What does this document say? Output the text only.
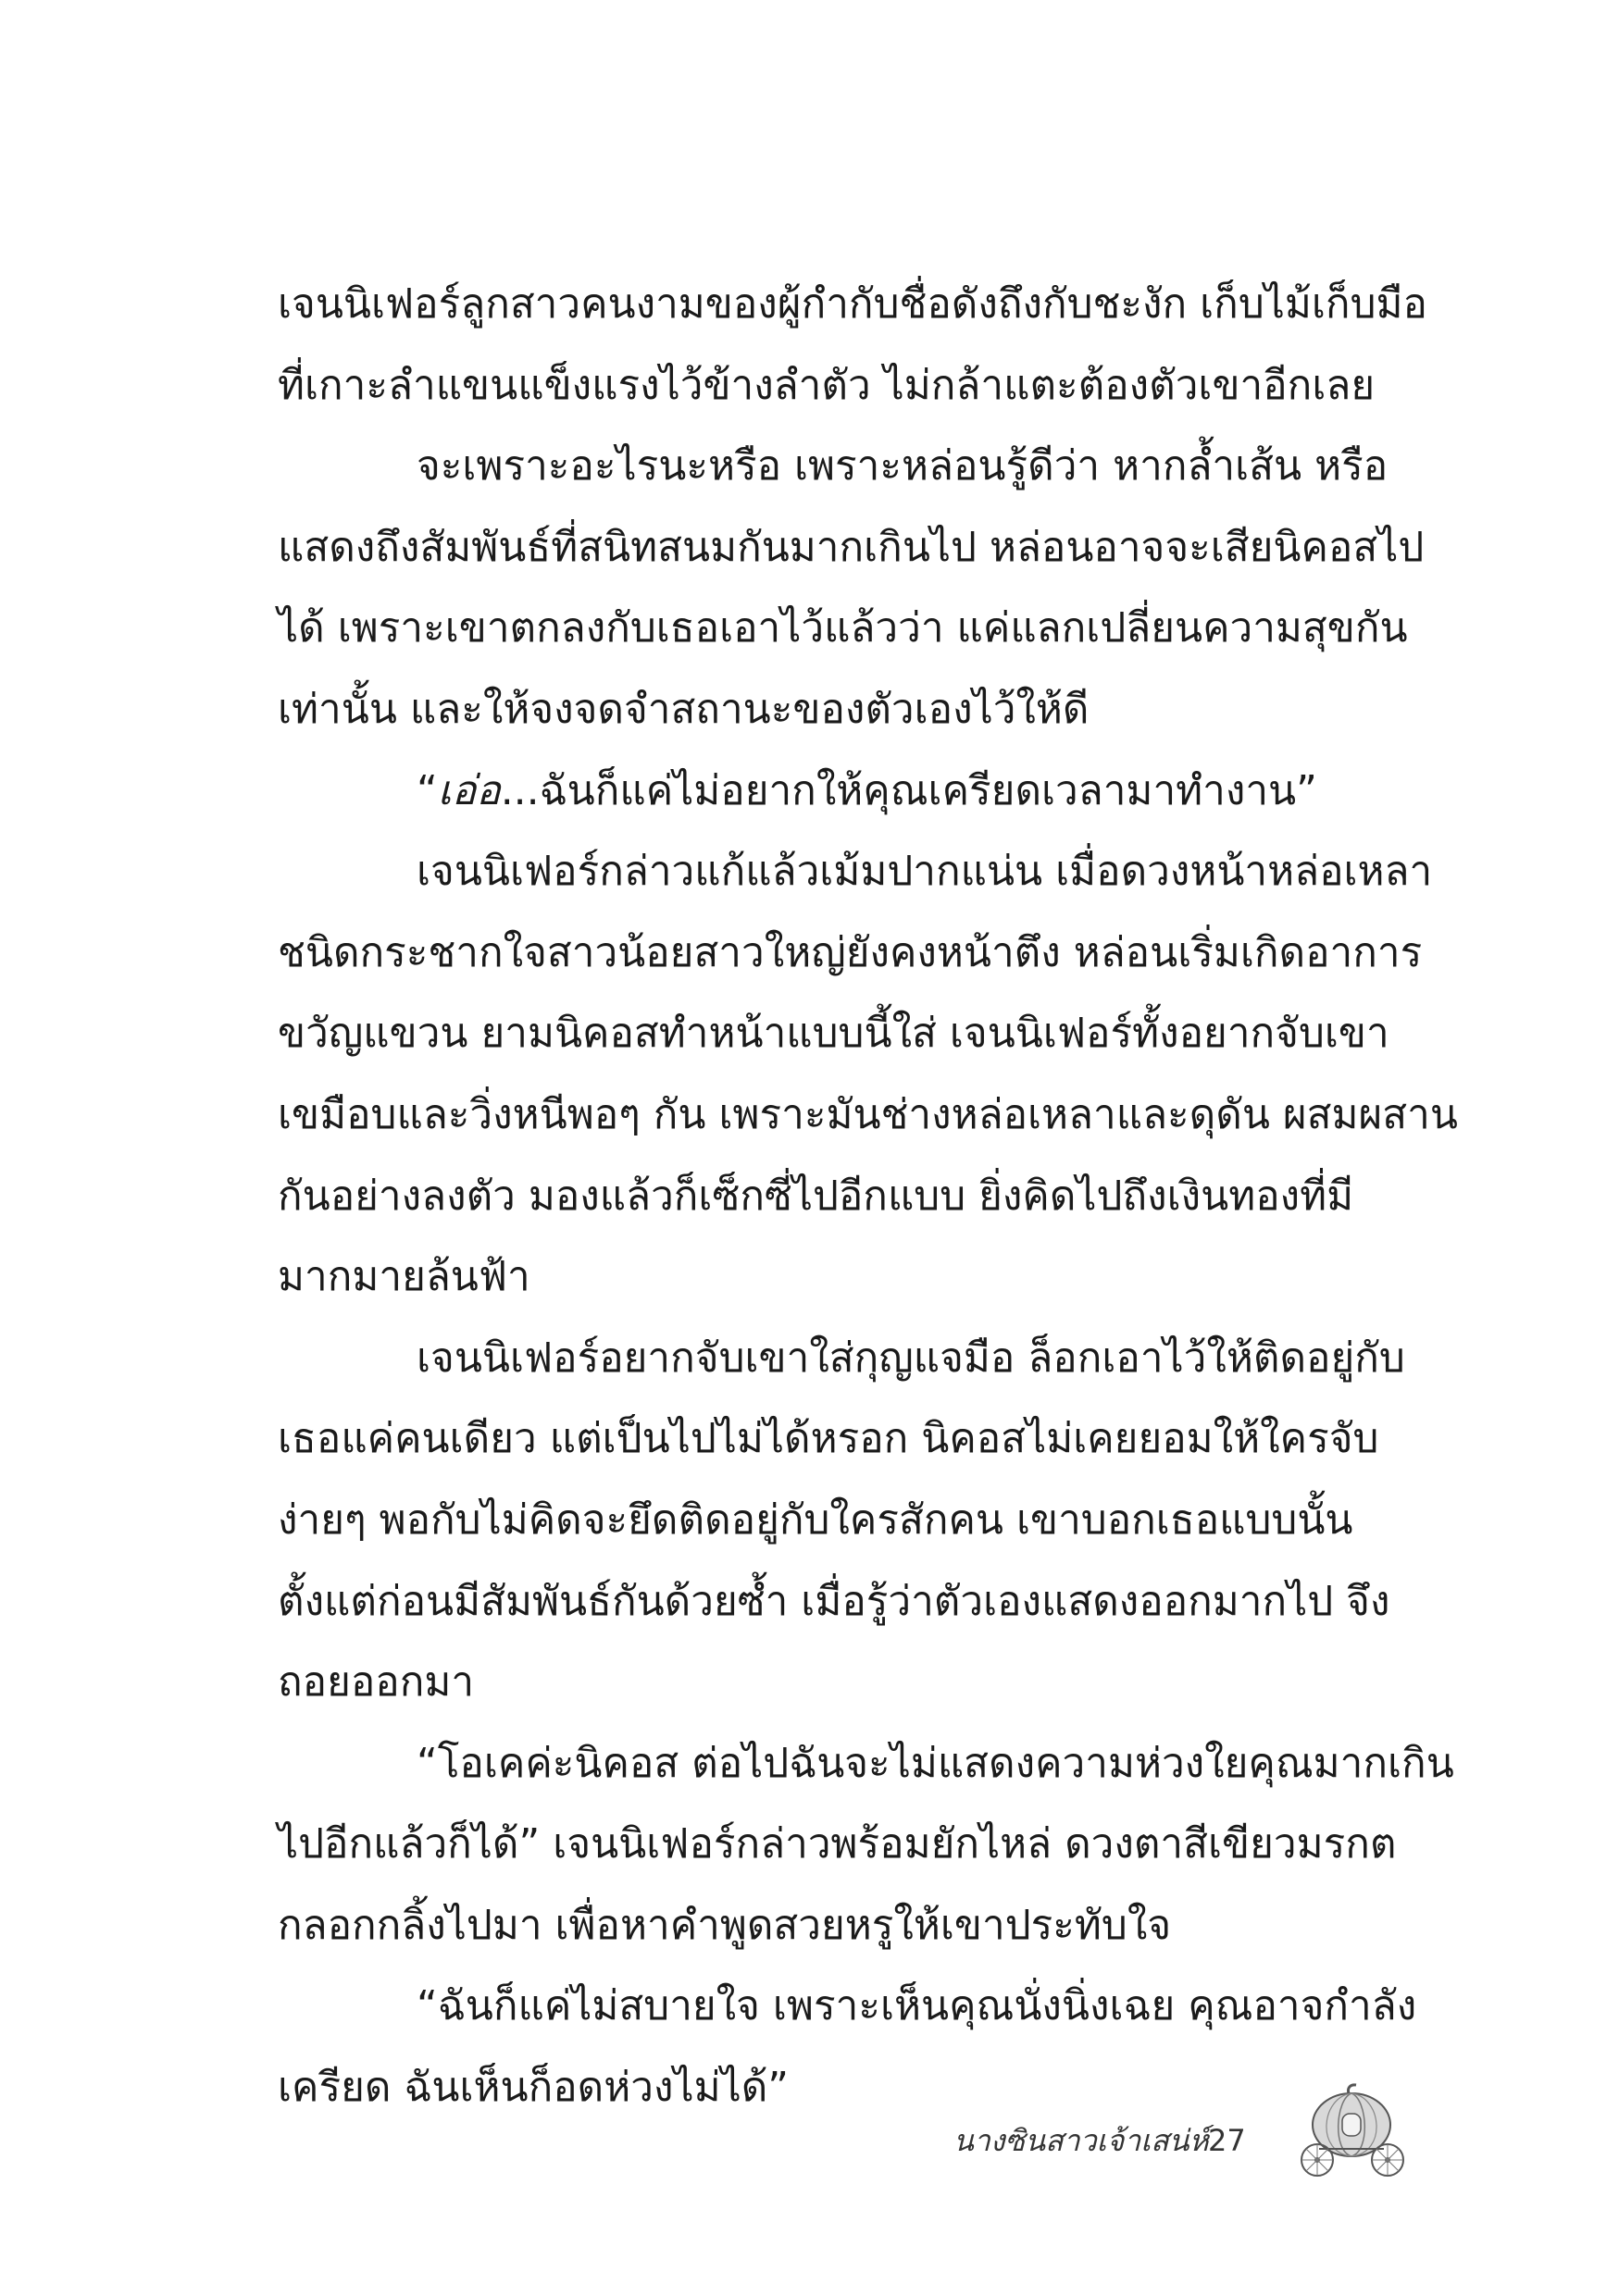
เจนนิเฟอร์ลูกสาวคนงามของผู้กำกับชื่อดังถึงกับชะงัก เก็บไม้เก็บมือ
ที่เกาะลำแขนแข็งแรงไว้ข้างลำตัว ไม่กล้าแตะต้องตัวเขาอีกเลย
จะเพราะอะไรนะหรือ เพราะหล่อนรู้ดีว่า หากล้ำเส้น หรือ
แสดงถึงสัมพันธ์ที่สนิทสนมกันมากเกินไป หล่อนอาจจะเสียนิคอสไป
ได้ เพราะเขาตกลงกับเธอเอาไว้แล้วว่า แค่แลกเปลี่ยนความสุขกัน
เท่านั้น และให้จงจดจำสถานะของตัวเองไว้ให้ดี
“เอ่อ...ฉันก็แค่ไม่อยากให้คุณเครียดเวลามาทำงาน”
เจนนิเฟอร์กล่าวแก้แล้วเม้มปากแน่น เมื่อดวงหน้าหล่อเหลา
ชนิดกระชากใจสาวน้อยสาวใหญ่ยังคงหน้าตึง หล่อนเริ่มเกิดอาการ
ขวัญแขวน ยามนิคอสทำหน้าแบบนี้ใส่ เจนนิเฟอร์ทั้งอยากจับเขา
เขมือบและวิ่งหนีพอๆ กัน เพราะมันช่างหล่อเหลาและดุดัน ผสมผสาน
กันอย่างลงตัว มองแล้วก็เซ็กซี่ไปอีกแบบ ยิ่งคิดไปถึงเงินทองที่มี
มากมายล้นฟ้า
เจนนิเฟอร์อยากจับเขาใส่กุญแจมือ ล็อกเอาไว้ให้ติดอยู่กับ
เธอแค่คนเดียว แต่เป็นไปไม่ได้หรอก นิคอสไม่เคยยอมให้ใครจับ
ง่ายๆ พอกับไม่คิดจะยึดติดอยู่กับใครสักคน เขาบอกเธอแบบนั้น
ตั้งแต่ก่อนมีสัมพันธ์กันด้วยซ้ำ เมื่อรู้ว่าตัวเองแสดงออกมากไป จึง
ถอยออกมา
“โอเคค่ะนิคอส ต่อไปฉันจะไม่แสดงความห่วงใยคุณมากเกิน
ไปอีกแล้วก็ได้” เจนนิเฟอร์กล่าวพร้อมยักไหล่ ดวงตาสีเขียวมรกต
กลอกกลิ้งไปมา เพื่อหาคำพูดสวยหรูให้เขาประทับใจ
“ฉันก็แค่ไม่สบายใจ เพราะเห็นคุณนั่งนิ่งเฉย คุณอาจกำลัง
เครียด ฉันเห็นก็อดห่วงไม่ได้”
นางซินสาวเจ้าเสน่ห์ 27
